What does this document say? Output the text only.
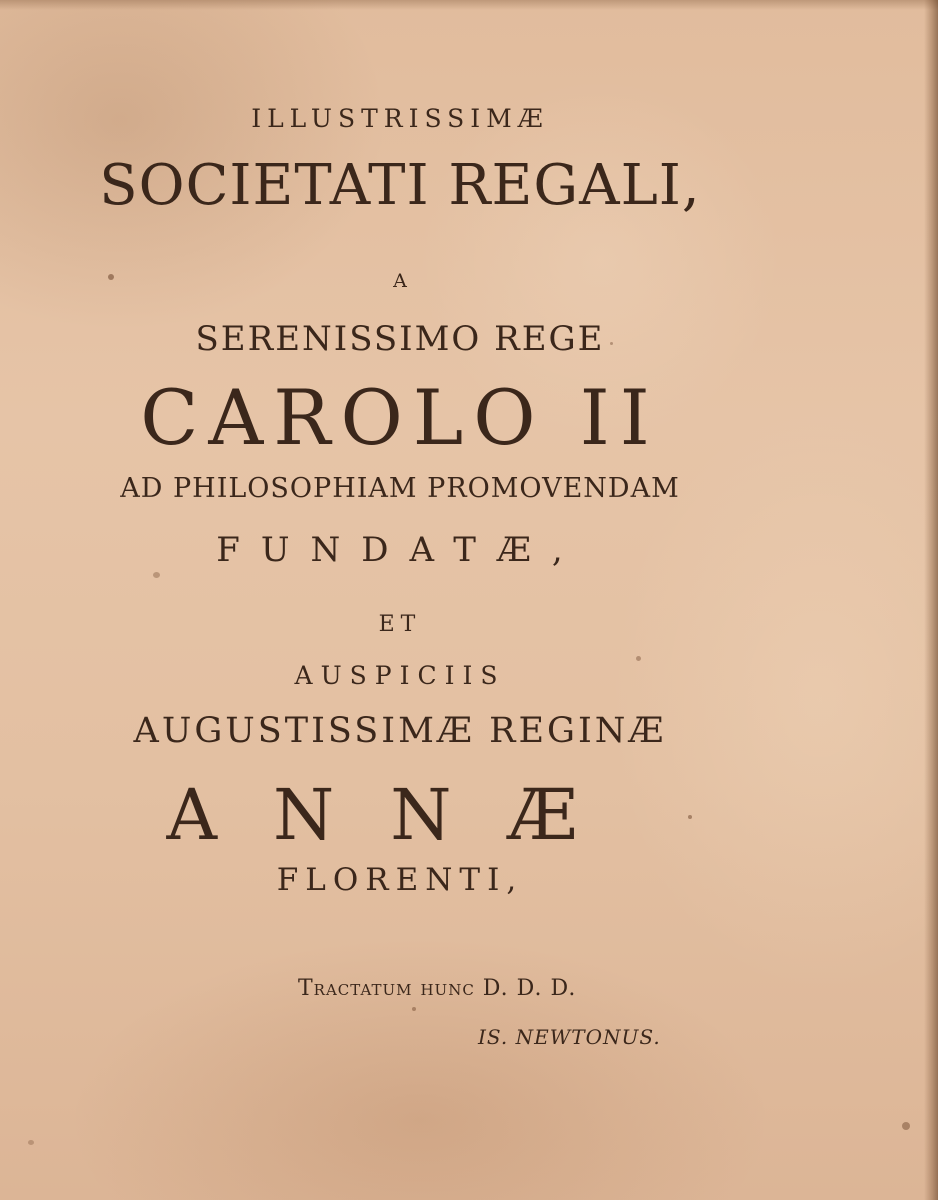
ILLUSTRISSIMÆ
SOCIETATI REGALI,
A
SERENISSIMO REGE
CAROLO II
AD PHILOSOPHIAM PROMOVENDAM
FUNDATÆ,
ET
AUSPICIIS
AUGUSTISSIMÆ REGINÆ
ANNÆ
FLORENTI,
Tractatum hunc D. D. D.
IS. NEWTONUS.
